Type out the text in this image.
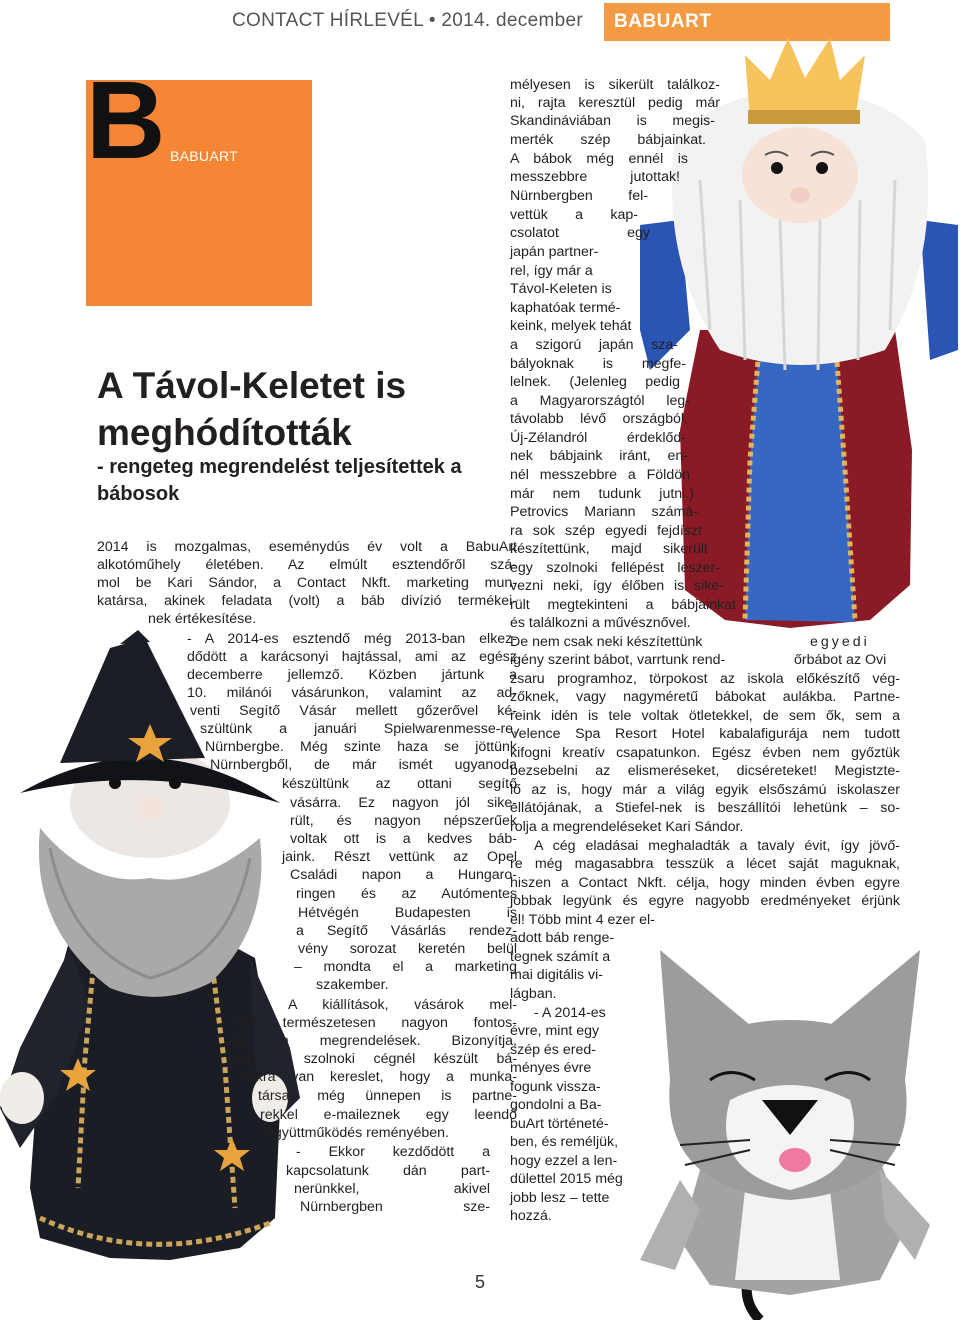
CONTACT HÍRLEVÉL • 2014. december BABUART
B BABUART
A Távol-Keletet is meghódították
- rengeteg megrendelést teljesítettek a bábosok
2014 is mozgalmas, eseménydús év volt a BabuArt
alkotóműhely életében. Az elmúlt esztendőről szá-
mol be Kari Sándor, a Contact Nkft. marketing mun-
katársa, akinek feladata (volt) a báb divízió termékei-
nek értékesítése.
- A 2014-es esztendő még 2013-ban elkez-
dődött a karácsonyi hajtással, ami az egész
decemberre jellemző. Közben jártunk a
10. milánói vásárunkon, valamint az ad-
venti Segítő Vásár mellett gőzerővel ké-
szültünk a januári Spielwarenmesse-re,
Nürnbergbe. Még szinte haza se jöttünk
Nürnbergből, de már ismét ugyanoda
készültünk az ottani segítő
vásárra. Ez nagyon jól sike-
rült, és nagyon népszerűek
voltak ott is a kedves báb-
jaink. Részt vettünk az Opel
Családi napon a Hungaro-
ringen és az Autómentes
Hétvégén Budapesten is
a Segítő Vásárlás rendez-
vény sorozat keretén belül
– mondta el a marketing
szakember.
A kiállítások, vásárok mel-
lett természetesen nagyon fontos-
sak a megrendelések. Bizonyítja,
hogy a szolnoki cégnél készült bá-
bokra van kereslet, hogy a munka-
társak még ünnepen is partne-
rekkel e-maileznek egy leendő
együttműködés reményében.
- Ekkor kezdődött a
kapcsolatunk dán part-
nerünkkel, akivel
Nürnbergben sze-
mélyesen is sikerült találkoz-
ni, rajta keresztül pedig már
Skandináviában is megis-
merték szép bábjainkat.
A bábok még ennél is
messzebbre jutottak!
Nürnbergben fel-
vettük a kap-
csolatot egy
japán partner-
rel, így már a
Távol-Keleten is
kaphatóak termé-
keink, melyek tehát
a szigorú japán sza-
bályoknak is megfe-
lelnek. (Jelenleg pedig
a Magyarországtól leg-
távolabb lévő országból,
Új-Zélandról érdeklőd-
nek bábjaink iránt, en-
nél messzebbre a Földön
már nem tudunk jutni.)
Petrovics Mariann számá-
ra sok szép egyedi fejdíszt
készítettünk, majd sikerült
egy szolnoki fellépést leszer-
vezni neki, így élőben is sike-
rült megtekinteni a bábjainkat
és találkozni a művésznővel.
De nem csak neki készítettünk	egyedi
igény szerint bábot, varrtunk rend-	őrbábot az Ovi
zsaru programhoz, törpokost az iskola előkészítő vég-
zőknek, vagy nagyméretű bábokat aulákba. Partne-
reink idén is tele voltak ötletekkel, de sem ők, sem a
Velence Spa Resort Hotel kabalafigurája nem tudott
kifogni kreatív csapatunkon. Egész évben nem győztük
bezsebelni az elismeréseket, dicséreteket! Megistzte-
lő az is, hogy már a világ egyik elsőszámú iskolaszer
ellátójának, a Stiefel-nek is beszállítói lehetünk – so-
rolja a megrendeléseket Kari Sándor.
A cég eladásai meghaladták a tavaly évit, így jövő-
re még magasabbra tesszük a lécet saját maguknak,
hiszen a Contact Nkft. célja, hogy minden évben egyre
jobbak legyünk és egyre nagyobb eredményeket érjünk
el! Több mint 4 ezer el-
adott báb renge-
tegnek számít a
mai digitális vi-
lágban.
- A 2014-es
évre, mint egy
szép és ered-
ményes évre
fogunk vissza-
gondolni a Ba-
buArt történeté-
ben, és reméljük,
hogy ezzel a len-
dülettel 2015 még
jobb lesz – tette
hozzá.
5
